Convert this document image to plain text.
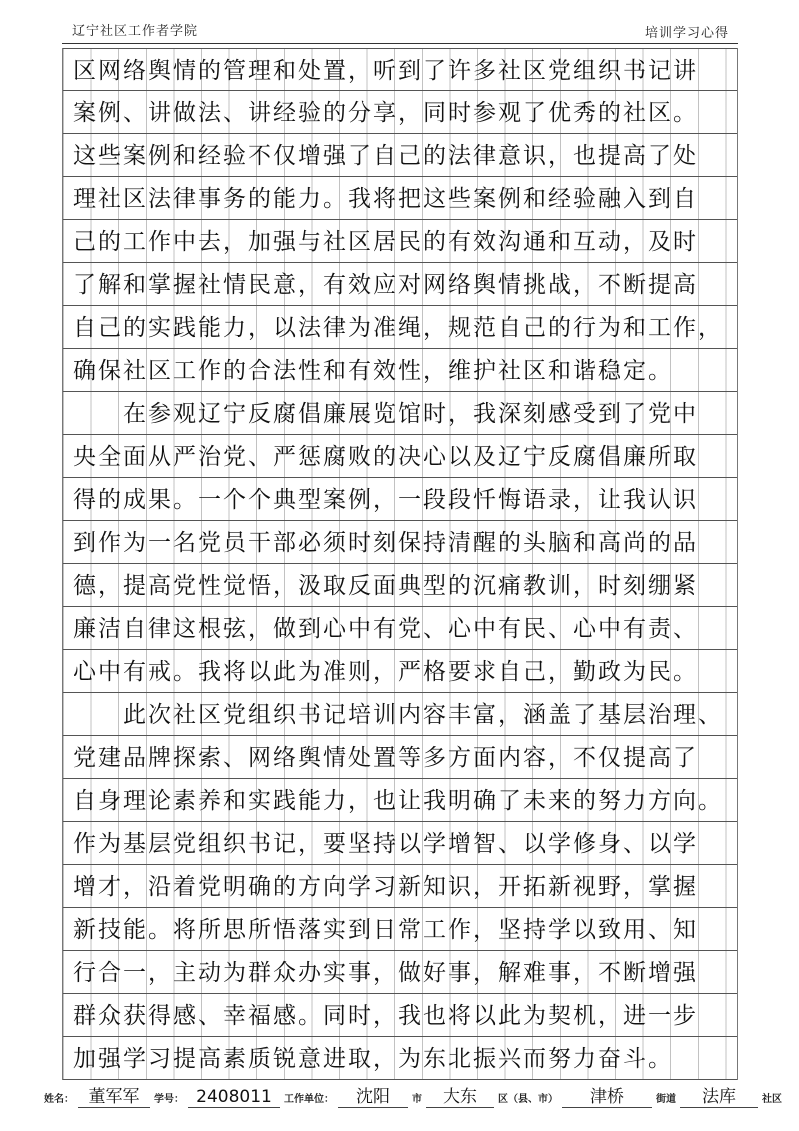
辽宁社区工作者学院	培训学习心得
区网络舆情的管理和处置，听到了许多社区党组织书记讲
案例、讲做法、讲经验的分享，同时参观了优秀的社区。
这些案例和经验不仅增强了自己的法律意识，也提高了处
理社区法律事务的能力。我将把这些案例和经验融入到自
己的工作中去，加强与社区居民的有效沟通和互动，及时
了解和掌握社情民意，有效应对网络舆情挑战，不断提高
自己的实践能力，以法律为准绳，规范自己的行为和工作，
确保社区工作的合法性和有效性，维护社区和谐稳定。
　　在参观辽宁反腐倡廉展览馆时，我深刻感受到了党中
央全面从严治党、严惩腐败的决心以及辽宁反腐倡廉所取
得的成果。一个个典型案例，一段段忏悔语录，让我认识
到作为一名党员干部必须时刻保持清醒的头脑和高尚的品
德，提高党性觉悟，汲取反面典型的沉痛教训，时刻绷紧
廉洁自律这根弦，做到心中有党、心中有民、心中有责、
心中有戒。我将以此为准则，严格要求自己，勤政为民。
　　此次社区党组织书记培训内容丰富，涵盖了基层治理、
党建品牌探索、网络舆情处置等多方面内容，不仅提高了
自身理论素养和实践能力，也让我明确了未来的努力方向。
作为基层党组织书记，要坚持以学增智、以学修身、以学
增才，沿着党明确的方向学习新知识，开拓新视野，掌握
新技能。将所思所悟落实到日常工作，坚持学以致用、知
行合一，主动为群众办实事，做好事，解难事，不断增强
群众获得感、幸福感。同时，我也将以此为契机，进一步
加强学习提高素质锐意进取，为东北振兴而努力奋斗。
姓名： 董军军	学号： 2408011	工作单位：	沈阳	市	大东	区（县、市）	津桥	街道	法库	社区
